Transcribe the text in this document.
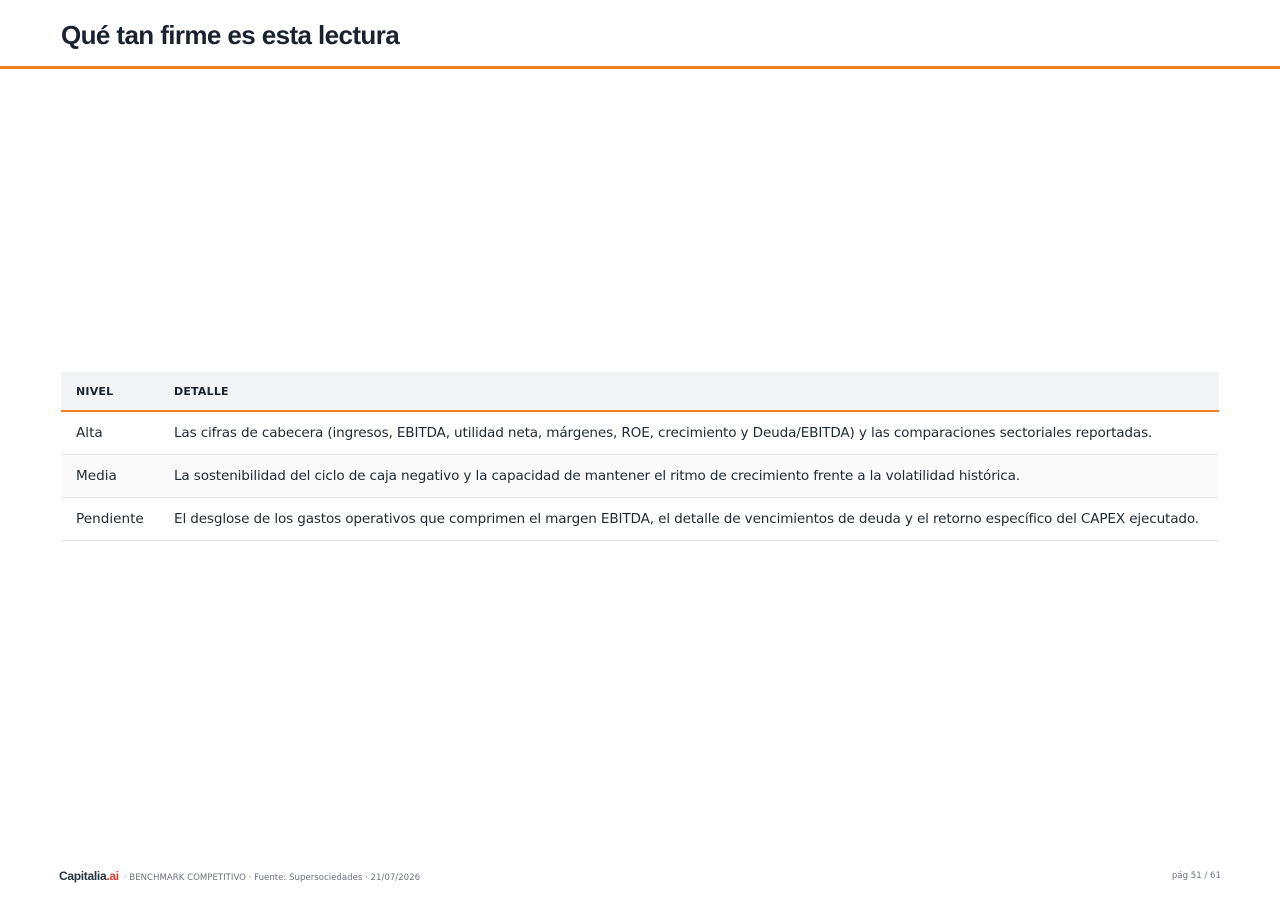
Qué tan firme es esta lectura
NIVEL	DETALLE
Alta	Las cifras de cabecera (ingresos, EBITDA, utilidad neta, márgenes, ROE, crecimiento y Deuda/EBITDA) y las comparaciones sectoriales reportadas.
Media	La sostenibilidad del ciclo de caja negativo y la capacidad de mantener el ritmo de crecimiento frente a la volatilidad histórica.
Pendiente	El desglose de los gastos operativos que comprimen el margen EBITDA, el detalle de vencimientos de deuda y el retorno específico del CAPEX ejecutado.
Capitalia.ai · BENCHMARK COMPETITIVO · Fuente: Supersociedades · 21/07/2026	pág 51 / 61
